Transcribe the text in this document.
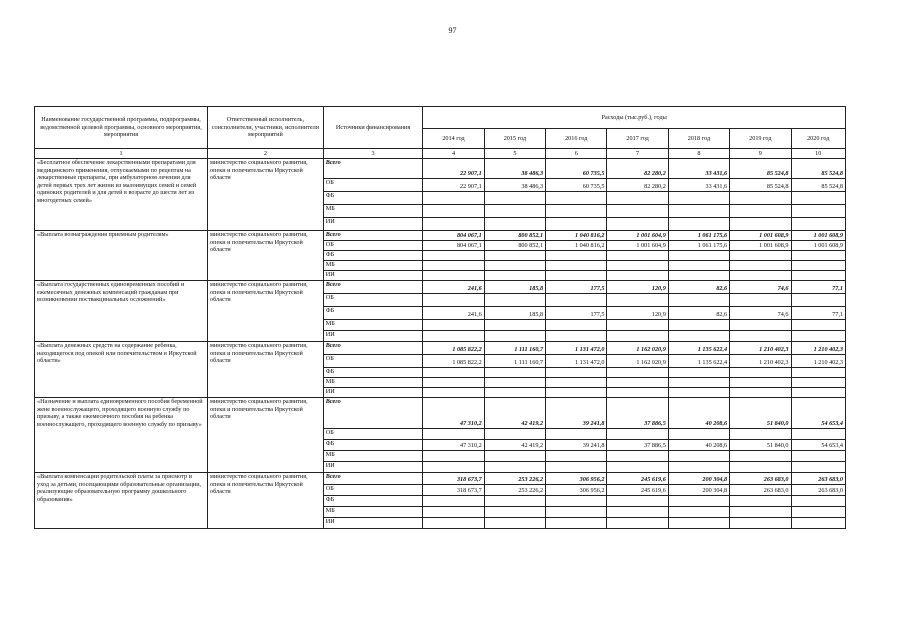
97
Наименование государственной программы, подпрограммы, ведомственной целевой программы, основного мероприятия, мероприятия	Ответственный исполнитель, соисполнители, участники, исполнители мероприятий	Источники финансирования	Расходы (тыс.руб.), годы						
			2014 год	2015 год	2016 год	2017 год	2018 год	2019 год	2020 год
1	2	3	4	5	6	7	8	9	10
«Бесплатное обеспечение лекарственными препаратами для медицинского применения, отпускаемыми по рецептам на лекарственные препараты, при амбулаторном лечении для детей первых трех лет жизни из малоимущих семей и семей одиноких родителей и для детей в возрасте до шести лет из многодетных семей»	министерство социального развития, опеки и попечительства Иркутской области	Всего	22 907,1	38 486,3	60 735,5	82 280,2	33 431,6	85 524,8	85 524,8
		ОБ	22 907,1	38 486,3	60 735,5	82 280,2	33 431,6	85 524,8	85 524,8
		ФБ							
		МБ							
		ИИ							
«Выплата вознаграждения приемным родителям»	министерство социального развития, опеки и попечительства Иркутской области	Всего	804 067,1	800 852,1	1 040 816,2	1 001 604,9	1 061 175,6	1 001 608,9	1 001 608,9
		ОБ	804 067,1	800 852,1	1 040 816,2	1 001 604,9	1 061 175,6	1 001 608,9	1 001 608,9
		ФБ							
		МБ							
		ИИ							
«Выплата государственных единовременных пособий и ежемесячных денежных компенсаций гражданам при возникновении поствакцинальных осложнений»	министерство социального развития, опеки и попечительства Иркутской области	Всего	241,6	185,8	177,5	120,9	82,6	74,6	77,1
		ОБ							
		ФБ	241,6	185,8	177,5	120,9	82,6	74,6	77,1
		МБ							
		ИИ							
«Выплата денежных средств на содержание ребенка, находящегося под опекой или попечительством в Иркутской области»	министерство социального развития, опеки и попечительства Иркутской области	Всего	1 085 822,2	1 111 160,7	1 131 472,0	1 162 020,9	1 135 622,4	1 210 402,3	1 210 402,3
		ОБ	1 085 822,2	1 111 160,7	1 131 472,0	1 162 020,9	1 135 622,4	1 210 402,3	1 210 402,3
		ФБ							
		МБ							
		ИИ							
«Назначение и выплата единовременного пособия беременной жене военнослужащего, проходящего военную службу по призыву, а также ежемесячного пособия на ребенка военнослужащего, проходящего военную службу по призыву»	министерство социального развития, опеки и попечительства Иркутской области	Всего	47 310,2	42 419,2	39 241,8	37 886,5	40 208,6	51 840,0	54 653,4
		ОБ							
		ФБ	47 310,2	42 419,2	39 241,8	37 886,5	40 208,6	51 840,0	54 653,4
		МБ							
		ИИ							
«Выплата компенсации родительской платы за присмотр и уход за детьми, посещающими образовательные организации, реализующие образовательную программу дошкольного образования»	министерство социального развития, опеки и попечительства Иркутской области	Всего	318 673,7	253 226,2	306 956,2	245 619,6	200 304,8	263 683,0	263 683,0
		ОБ	318 673,7	253 226,2	306 956,2	245 619,6	200 304,8	263 683,0	263 683,0
		ФБ							
		МБ							
		ИИ							
